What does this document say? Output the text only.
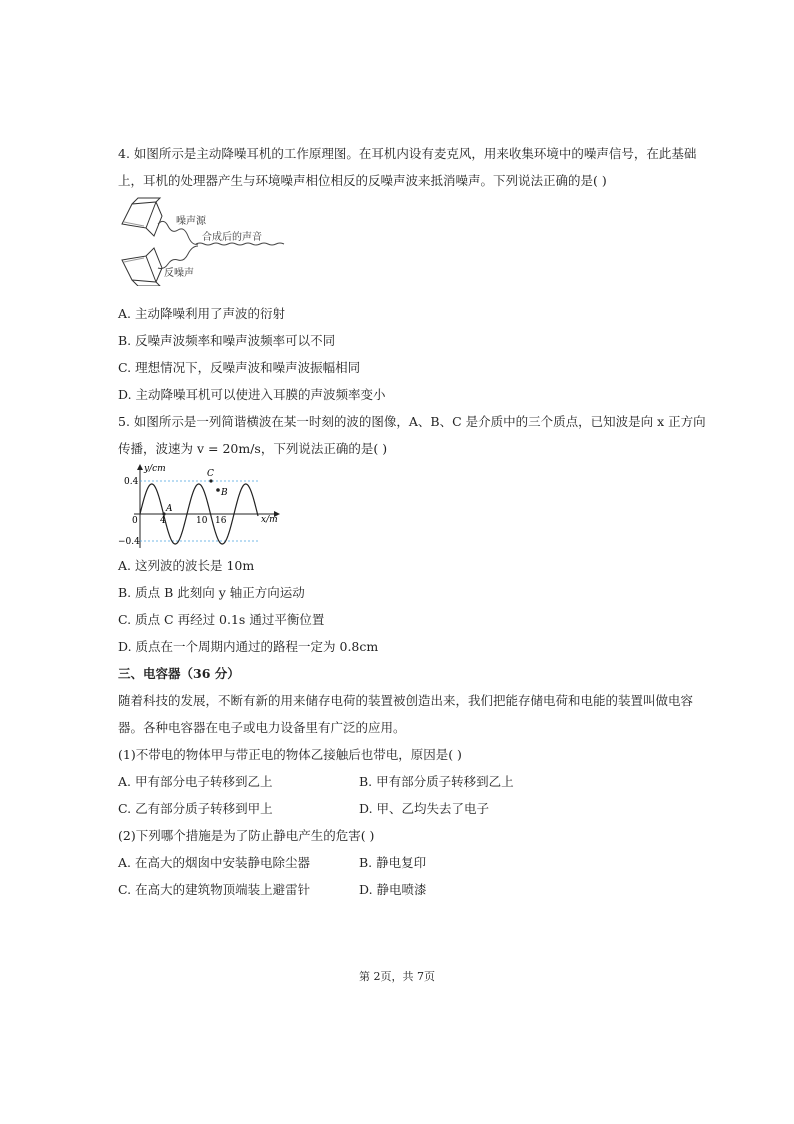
4. 如图所示是主动降噪耳机的工作原理图。在耳机内设有麦克风，用来收集环境中的噪声信号，在此基础
上，耳机的处理器产生与环境噪声相位相反的反噪声波来抵消噪声。下列说法正确的是( )
噪声源
合成后的声音
反噪声
A. 主动降噪利用了声波的衍射
B. 反噪声波频率和噪声波频率可以不同
C. 理想情况下，反噪声波和噪声波振幅相同
D. 主动降噪耳机可以使进入耳膜的声波频率变小
5. 如图所示是一列简谐横波在某一时刻的波的图像，A、B、C 是介质中的三个质点，已知波是向 x 正方向
传播，波速为 v = 20m/s，下列说法正确的是( )
y/cm
x/m
0.4
−0.4
0 4	10 16
A
C
B
A. 这列波的波长是 10m
B. 质点 B 此刻向 y 轴正方向运动
C. 质点 C 再经过 0.1s 通过平衡位置
D. 质点在一个周期内通过的路程一定为 0.8cm
三、电容器（36 分）
随着科技的发展，不断有新的用来储存电荷的装置被创造出来，我们把能存储电荷和电能的装置叫做电容
器。各种电容器在电子或电力设备里有广泛的应用。
(1)不带电的物体甲与带正电的物体乙接触后也带电，原因是( )
A. 甲有部分电子转移到乙上	B. 甲有部分质子转移到乙上
C. 乙有部分质子转移到甲上	D. 甲、乙均失去了电子
(2)下列哪个措施是为了防止静电产生的危害( )
A. 在高大的烟囱中安装静电除尘器	B. 静电复印
C. 在高大的建筑物顶端装上避雷针	D. 静电喷漆
第 2页，共 7页
